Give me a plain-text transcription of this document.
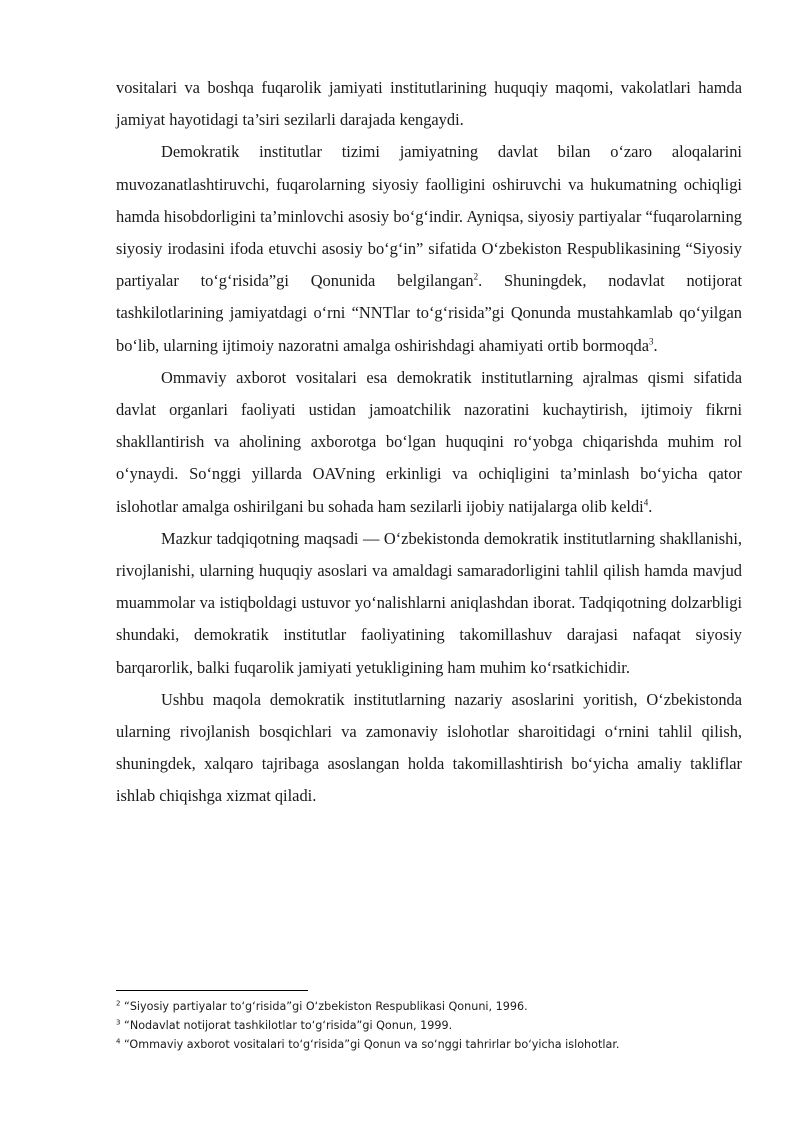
vositalari va boshqa fuqarolik jamiyati institutlarining huquqiy maqomi, vakolatlari hamda jamiyat hayotidagi ta’siri sezilarli darajada kengaydi.

Demokratik institutlar tizimi jamiyatning davlat bilan o‘zaro aloqalarini muvozanatlashtiruvchi, fuqarolarning siyosiy faolligini oshiruvchi va hukumatning ochiqligi hamda hisobdorligini ta’minlovchi asosiy bo‘g‘indir. Ayniqsa, siyosiy partiyalar “fuqarolarning siyosiy irodasini ifoda etuvchi asosiy bo‘g‘in” sifatida O‘zbekiston Respublikasining “Siyosiy partiyalar to‘g‘risida”gi Qonunida belgilangan$^2$. Shuningdek, nodavlat notijorat tashkilotlarining jamiyatdagi o‘rni “NNTlar to‘g‘risida”gi Qonunda mustahkamlab qo‘yilgan bo‘lib, ularning ijtimoiy nazoratni amalga oshirishdagi ahamiyati ortib bormoqda$^3$.

Ommaviy axborot vositalari esa demokratik institutlarning ajralmas qismi sifatida davlat organlari faoliyati ustidan jamoatchilik nazoratini kuchaytirish, ijtimoiy fikrni shakllantirish va aholining axborotga bo‘lgan huquqini ro‘yobga chiqarishda muhim rol o‘ynaydi. So‘nggi yillarda OAVning erkinligi va ochiqligini ta’minlash bo‘yicha qator islohotlar amalga oshirilgani bu sohada ham sezilarli ijobiy natijalarga olib keldi$^4$.

Mazkur tadqiqotning maqsadi — O‘zbekistonda demokratik institutlarning shakllanishi, rivojlanishi, ularning huquqiy asoslari va amaldagi samaradorligini tahlil qilish hamda mavjud muammolar va istiqboldagi ustuvor yo‘nalishlarni aniqlashdan iborat. Tadqiqotning dolzarbligi shundaki, demokratik institutlar faoliyatining takomillashuv darajasi nafaqat siyosiy barqarorlik, balki fuqarolik jamiyati yetukligining ham muhim ko‘rsatkichidir.

Ushbu maqola demokratik institutlarning nazariy asoslarini yoritish, O‘zbekistonda ularning rivojlanish bosqichlari va zamonaviy islohotlar sharoitidagi o‘rnini tahlil qilish, shuningdek, xalqaro tajribaga asoslangan holda takomillashtirish bo‘yicha amaliy takliflar ishlab chiqishga xizmat qiladi.

$^2$ “Siyosiy partiyalar to‘g‘risida”gi O‘zbekiston Respublikasi Qonuni, 1996.
$^3$ “Nodavlat notijorat tashkilotlar to‘g‘risida”gi Qonun, 1999.
$^4$ “Ommaviy axborot vositalari to‘g‘risida”gi Qonun va so‘nggi tahrirlar bo‘yicha islohotlar.
